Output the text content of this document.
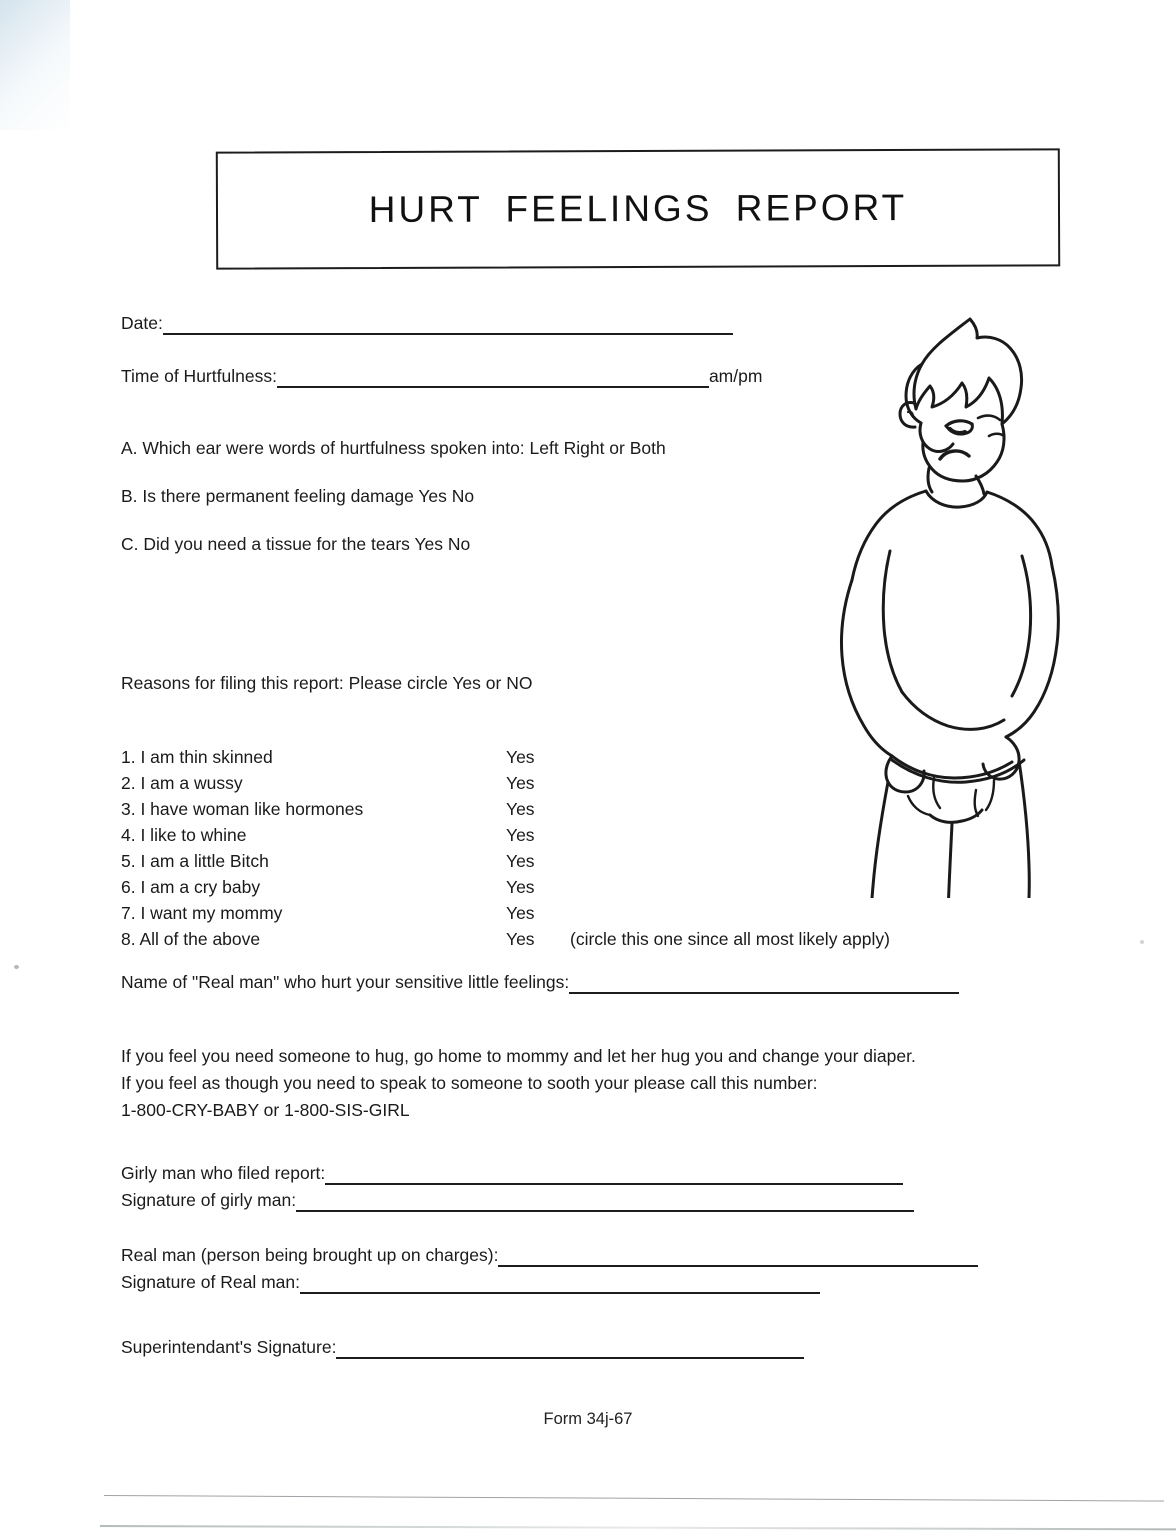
HURT FEELINGS REPORT
Date:
Time of Hurtfulness:	am/pm
A. Which ear were words of hurtfulness spoken into: Left Right or Both
B. Is there permanent feeling damage Yes No
C. Did you need a tissue for the tears Yes No
Reasons for filing this report: Please circle Yes or NO
1. I am thin skinned	Yes
2. I am a wussy	Yes
3. I have woman like hormones	Yes
4. I like to whine	Yes
5. I am a little Bitch	Yes
6. I am a cry baby	Yes
7. I want my mommy	Yes
8. All of the above	Yes	(circle this one since all most likely apply)
Name of "Real man" who hurt your sensitive little feelings:
If you feel you need someone to hug, go home to mommy and let her hug you and change your diaper.
If you feel as though you need to speak to someone to sooth your please call this number:
1-800-CRY-BABY or 1-800-SIS-GIRL
Girly man who filed report:
Signature of girly man:
Real man (person being brought up on charges):
Signature of Real man:
Superintendant's Signature:
Form 34j-67
